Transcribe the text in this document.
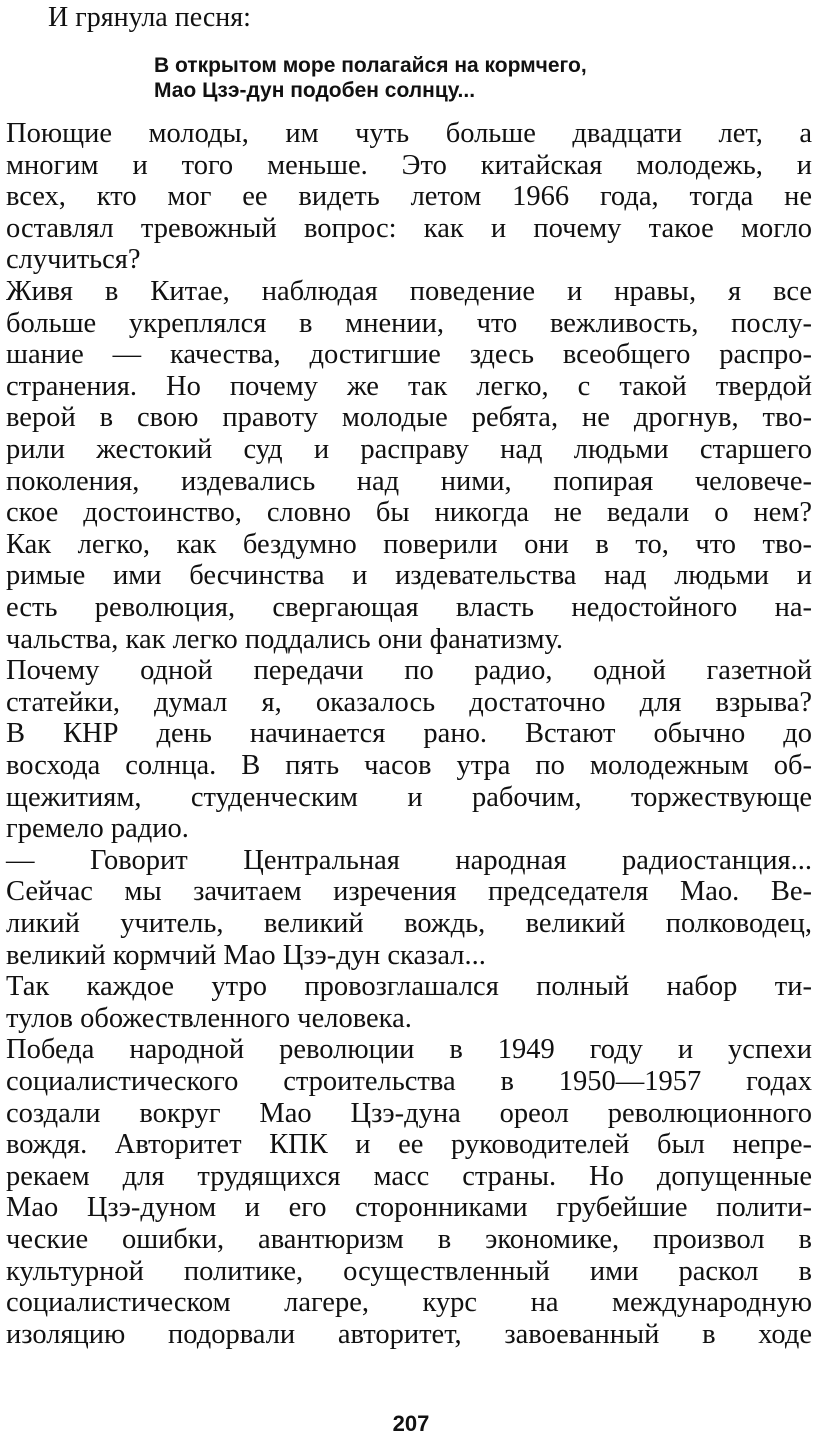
И грянула песня:
В открытом море полагайся на кормчего,
Мао Цзэ-дун подобен солнцу...
Поющие молоды, им чуть больше двадцати лет, а
многим и того меньше. Это китайская молодежь, и
всех, кто мог ее видеть летом 1966 года, тогда не
оставлял тревожный вопрос: как и почему такое могло
случиться?
Живя в Китае, наблюдая поведение и нравы, я все
больше укреплялся в мнении, что вежливость, послу-
шание — качества, достигшие здесь всеобщего распро-
странения. Но почему же так легко, с такой твердой
верой в свою правоту молодые ребята, не дрогнув, тво-
рили жестокий суд и расправу над людьми старшего
поколения, издевались над ними, попирая человече-
ское достоинство, словно бы никогда не ведали о нем?
Как легко, как бездумно поверили они в то, что тво-
римые ими бесчинства и издевательства над людьми и
есть революция, свергающая власть недостойного на-
чальства, как легко поддались они фанатизму.
Почему одной передачи по радио, одной газетной
статейки, думал я, оказалось достаточно для взрыва?
В КНР день начинается рано. Встают обычно до
восхода солнца. В пять часов утра по молодежным об-
щежитиям, студенческим и рабочим, торжествующе
гремело радио.
— Говорит Центральная народная радиостанция...
Сейчас мы зачитаем изречения председателя Мао. Ве-
ликий учитель, великий вождь, великий полководец,
великий кормчий Мао Цзэ-дун сказал...
Так каждое утро провозглашался полный набор ти-
тулов обожествленного человека.
Победа народной революции в 1949 году и успехи
социалистического строительства в 1950—1957 годах
создали вокруг Мао Цзэ-дуна ореол революционного
вождя. Авторитет КПК и ее руководителей был непре-
рекаем для трудящихся масс страны. Но допущенные
Мао Цзэ-дуном и его сторонниками грубейшие полити-
ческие ошибки, авантюризм в экономике, произвол в
культурной политике, осуществленный ими раскол в
социалистическом лагере, курс на международную
изоляцию подорвали авторитет, завоеванный в ходе
207
